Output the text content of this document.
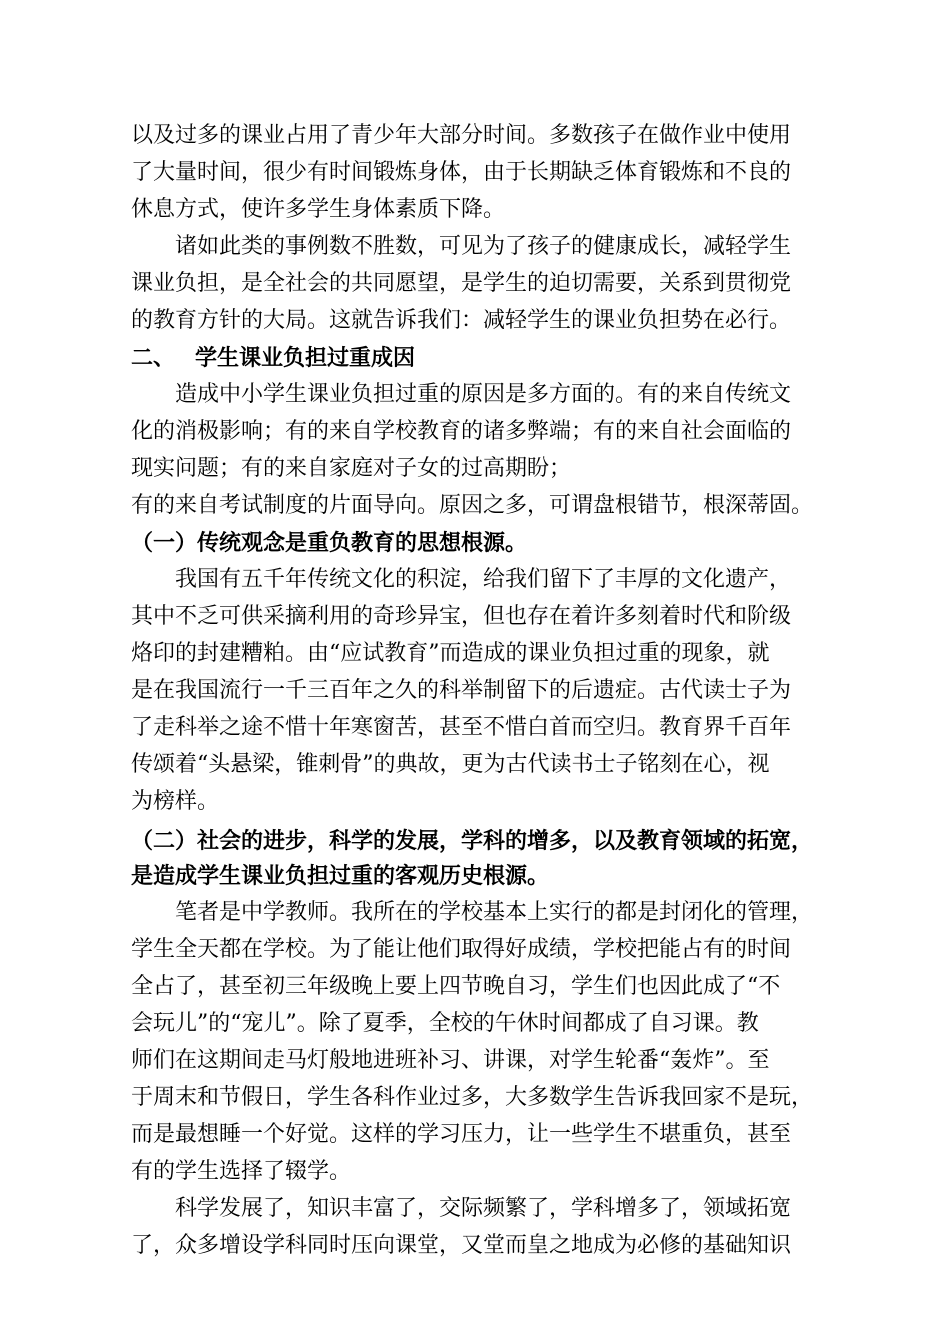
以及过多的课业占用了青少年大部分时间。多数孩子在做作业中使用
了大量时间，很少有时间锻炼身体，由于长期缺乏体育锻炼和不良的
休息方式，使许多学生身体素质下降。
诸如此类的事例数不胜数，可见为了孩子的健康成长，减轻学生
课业负担，是全社会的共同愿望，是学生的迫切需要，关系到贯彻党
的教育方针的大局。这就告诉我们：减轻学生的课业负担势在必行。
二、 学生课业负担过重成因
造成中小学生课业负担过重的原因是多方面的。有的来自传统文
化的消极影响；有的来自学校教育的诸多弊端；有的来自社会面临的
现实问题；有的来自家庭对子女的过高期盼；
有的来自考试制度的片面导向。原因之多，可谓盘根错节，根深蒂固。
（一）传统观念是重负教育的思想根源。
我国有五千年传统文化的积淀，给我们留下了丰厚的文化遗产，
其中不乏可供采摘利用的奇珍异宝，但也存在着许多刻着时代和阶级
烙印的封建糟粕。由“应试教育”而造成的课业负担过重的现象，就
是在我国流行一千三百年之久的科举制留下的后遗症。古代读士子为
了走科举之途不惜十年寒窗苦，甚至不惜白首而空归。教育界千百年
传颂着“头悬梁，锥刺骨”的典故，更为古代读书士子铭刻在心，视
为榜样。
（二）社会的进步，科学的发展，学科的增多，以及教育领域的拓宽，
是造成学生课业负担过重的客观历史根源。
笔者是中学教师。我所在的学校基本上实行的都是封闭化的管理，
学生全天都在学校。为了能让他们取得好成绩，学校把能占有的时间
全占了，甚至初三年级晚上要上四节晚自习，学生们也因此成了“不
会玩儿”的“宠儿”。除了夏季，全校的午休时间都成了自习课。教
师们在这期间走马灯般地进班补习、讲课，对学生轮番“轰炸”。至
于周末和节假日，学生各科作业过多，大多数学生告诉我回家不是玩，
而是最想睡一个好觉。这样的学习压力，让一些学生不堪重负，甚至
有的学生选择了辍学。
科学发展了，知识丰富了，交际频繁了，学科增多了，领域拓宽
了，众多增设学科同时压向课堂，又堂而皇之地成为必修的基础知识
